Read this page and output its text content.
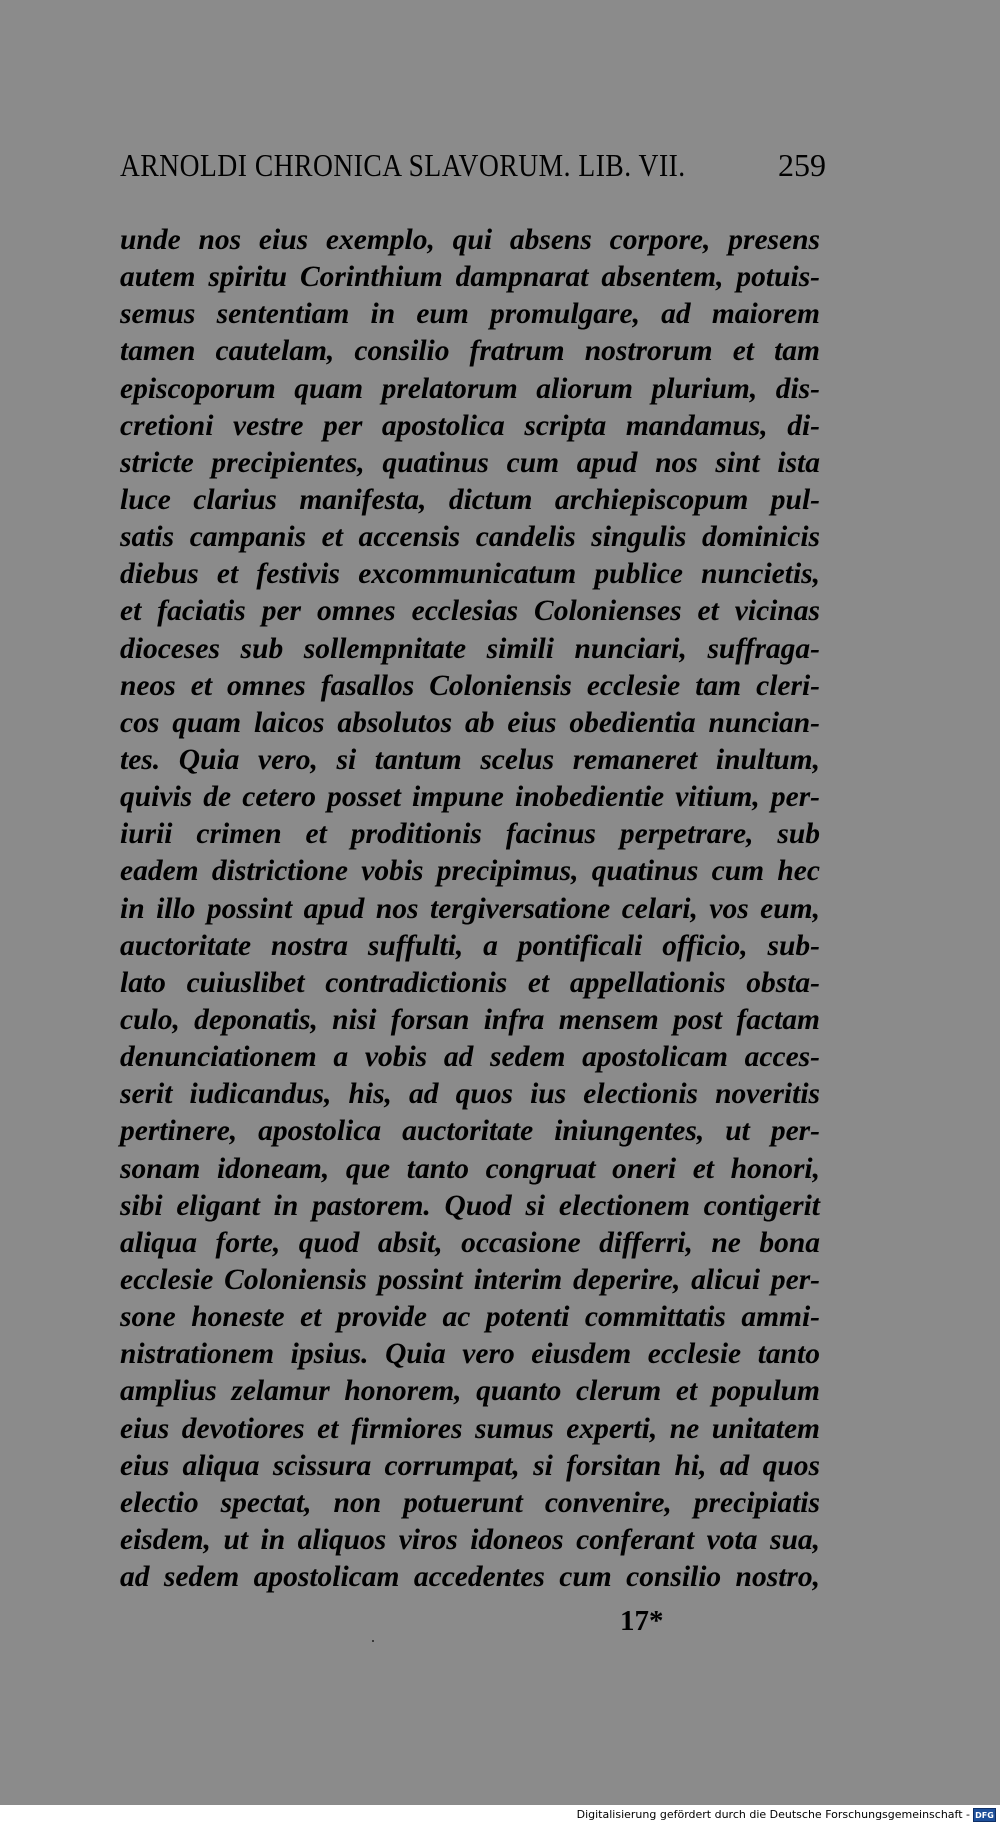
ARNOLDI CHRONICA SLAVORUM. LIB. VII.	259
unde nos eius exemplo, qui absens corpore, presens
autem spiritu Corinthium dampnarat absentem, potuis-
semus sententiam in eum promulgare, ad maiorem
tamen cautelam, consilio fratrum nostrorum et tam
episcoporum quam prelatorum aliorum plurium, dis-
cretioni vestre per apostolica scripta mandamus, di-
stricte precipientes, quatinus cum apud nos sint ista
luce clarius manifesta, dictum archiepiscopum pul-
satis campanis et accensis candelis singulis dominicis
diebus et festivis excommunicatum publice nuncietis,
et faciatis per omnes ecclesias Colonienses et vicinas
dioceses sub sollempnitate simili nunciari, suffraga-
neos et omnes fasallos Coloniensis ecclesie tam cleri-
cos quam laicos absolutos ab eius obedientia nuncian-
tes. Quia vero, si tantum scelus remaneret inultum,
quivis de cetero posset impune inobedientie vitium, per-
iurii crimen et proditionis facinus perpetrare, sub
eadem districtione vobis precipimus, quatinus cum hec
in illo possint apud nos tergiversatione celari, vos eum,
auctoritate nostra suffulti, a pontificali officio, sub-
lato cuiuslibet contradictionis et appellationis obsta-
culo, deponatis, nisi forsan infra mensem post factam
denunciationem a vobis ad sedem apostolicam acces-
serit iudicandus, his, ad quos ius electionis noveritis
pertinere, apostolica auctoritate iniungentes, ut per-
sonam idoneam, que tanto congruat oneri et honori,
sibi eligant in pastorem. Quod si electionem contigerit
aliqua forte, quod absit, occasione differri, ne bona
ecclesie Coloniensis possint interim deperire, alicui per-
sone honeste et provide ac potenti committatis ammi-
nistrationem ipsius. Quia vero eiusdem ecclesie tanto
amplius zelamur honorem, quanto clerum et populum
eius devotiores et firmiores sumus experti, ne unitatem
eius aliqua scissura corrumpat, si forsitan hi, ad quos
electio spectat, non potuerunt convenire, precipiatis
eisdem, ut in aliquos viros idoneos conferant vota sua,
ad sedem apostolicam accedentes cum consilio nostro,
17*
Digitalisierung gefördert durch die Deutsche Forschungsgemeinschaft - DFG
